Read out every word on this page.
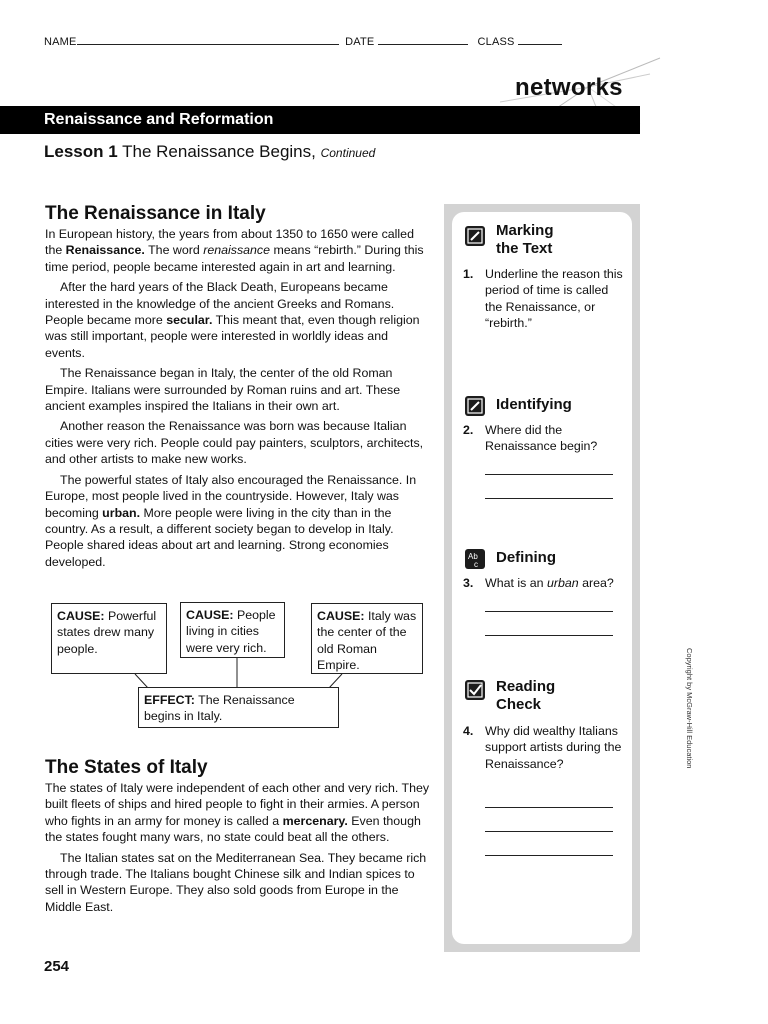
NAME	DATE	CLASS
networks
Renaissance and Reformation
Lesson 1 The Renaissance Begins, Continued
The Renaissance in Italy

In European history, the years from about 1350 to 1650 were called the Renaissance. The word renaissance means “rebirth.” During this time period, people became interested again in art and learning.

After the hard years of the Black Death, Europeans became interested in the knowledge of the ancient Greeks and Romans. People became more secular. This meant that, even though religion was still important, people were interested in worldly ideas and events.

The Renaissance began in Italy, the center of the old Roman Empire. Italians were surrounded by Roman ruins and art. These ancient examples inspired the Italians in their own art.

Another reason the Renaissance was born was because Italian cities were very rich. People could pay painters, sculptors, architects, and other artists to make new works.

The powerful states of Italy also encouraged the Renaissance. In Europe, most people lived in the countryside. However, Italy was becoming urban. More people were living in the city than in the country. As a result, a different society began to develop in Italy. People shared ideas about art and learning. Strong economies developed.

CAUSE: Powerful states drew many people.
CAUSE: People living in cities were very rich.
CAUSE: Italy was the center of the old Roman Empire.
EFFECT: The Renaissance begins in Italy.
The States of Italy

The states of Italy were independent of each other and very rich. They built fleets of ships and hired people to fight in their armies. A person who fights in an army for money is called a mercenary. Even though the states fought many wars, no state could beat all the others.

The Italian states sat on the Mediterranean Sea. They became rich through trade. The Italians bought Chinese silk and Indian spices to sell in Western Europe. They also sold goods from Europe in the Middle East.

254
Marking
the Text
1. Underline the reason this period of time is called the Renaissance, or “rebirth.”
Identifying
2. Where did the Renaissance begin?
Ab
c Defining
3. What is an urban area?
Reading
Check
4. Why did wealthy Italians support artists during the Renaissance?	Copyright by McGraw-Hill Education
